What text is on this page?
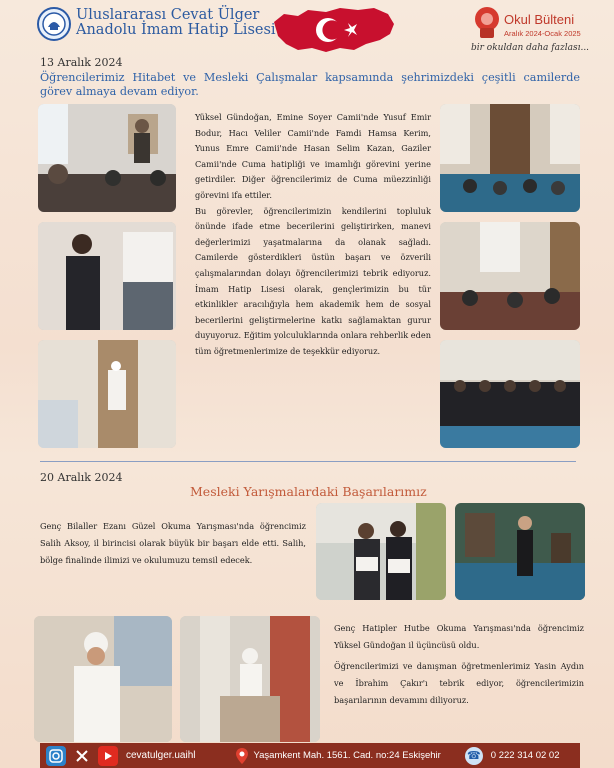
Uluslararası Cevat Ülger
Anadolu İmam Hatip Lisesi
Okul Bülteni
Aralık 2024-Ocak 2025
bir okuldan daha fazlası...
13 Aralık 2024
Öğrencilerimiz Hitabet ve Mesleki Çalışmalar kapsamında şehrimizdeki çeşitli camilerde görev almaya devam ediyor.

Yüksel Gündoğan, Emine Soyer Camii'nde Yusuf Emir Bodur, Hacı Veliler Camii'nde Famdi Hamsa Kerim, Yunus Emre Camii'nde Hasan Selim Kazan, Gaziler Camii'nde Cuma hatipliği ve imamlığı görevini yerine getirdiler. Diğer öğrencilerimiz de Cuma müezzinliği görevini ifa ettiler.

Bu görevler, öğrencilerimizin kendilerini topluluk önünde ifade etme becerilerini geliştirirken, manevi değerlerimizi yaşatmalarına da olanak sağladı. Camilerde gösterdikleri üstün başarı ve özverili çalışmalarından dolayı öğrencilerimizi tebrik ediyoruz. İmam Hatip Lisesi olarak, gençlerimizin bu tür etkinlikler aracılığıyla hem akademik hem de sosyal becerilerini geliştirmelerine katkı sağlamaktan gurur duyuyoruz. Eğitim yolculuklarında onlara rehberlik eden tüm öğretmenlerimize de teşekkür ediyoruz.

20 Aralık 2024
Mesleki Yarışmalardaki Başarılarımız
Genç Bilaller Ezanı Güzel Okuma Yarışması'nda öğrencimiz Salih Aksoy, il birincisi olarak büyük bir başarı elde etti. Salih, bölge finalinde ilimizi ve okulumuzu temsil edecek.

Genç Hatipler Hutbe Okuma Yarışması'nda öğrencimiz Yüksel Gündoğan il üçüncüsü oldu.

Öğrencilerimizi ve danışman öğretmenlerimiz Yasin Aydın ve İbrahim Çakır'ı tebrik ediyor, öğrencilerimizin başarılarının devamını diliyoruz.

cevatulger.uaihl	Yaşamkent Mah. 1561. Cad. no:24 Eskişehir ☎ 0 222 314 02 02
